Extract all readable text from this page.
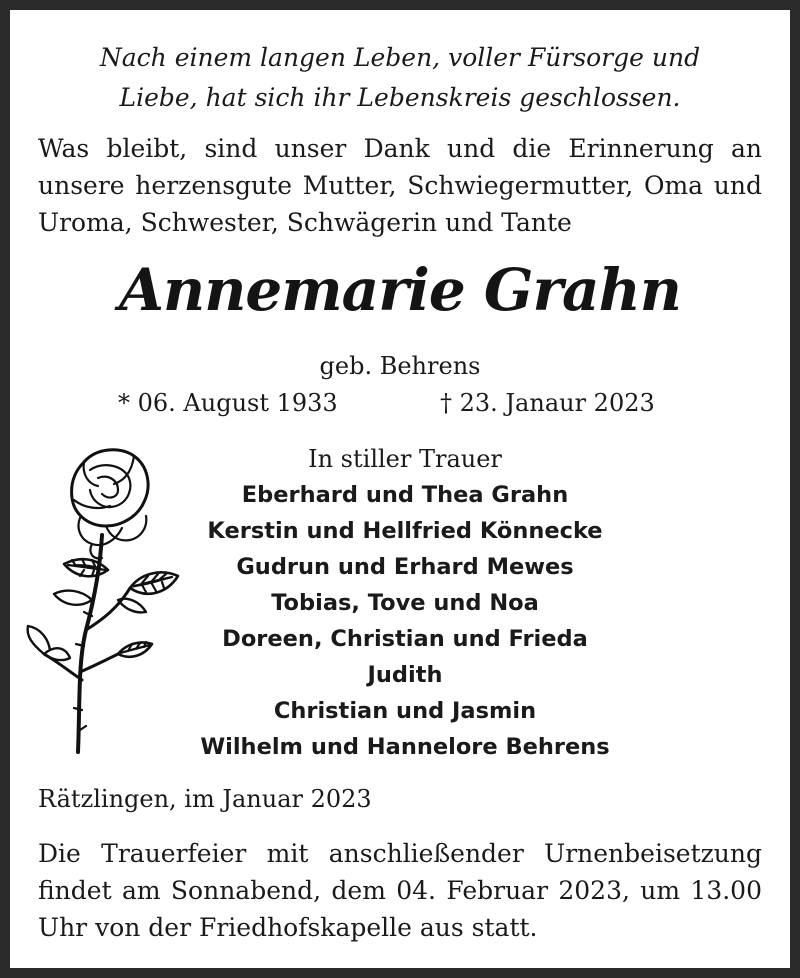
Nach einem langen Leben, voller Fürsorge und
Liebe, hat sich ihr Lebenskreis geschlossen.
Was bleibt, sind unser Dank und die Erinnerung an unsere herzensgute Mutter, Schwiegermutter, Oma und Uroma, Schwester, Schwägerin und Tante
Annemarie Grahn
geb. Behrens
* 06. August 1933	† 23. Janaur 2023
In stiller Trauer
Eberhard und Thea Grahn
Kerstin und Hellfried Könnecke
Gudrun und Erhard Mewes
Tobias, Tove und Noa
Doreen, Christian und Frieda
Judith
Christian und Jasmin
Wilhelm und Hannelore Behrens
Rätzlingen, im Januar 2023
Die Trauerfeier mit anschließender Urnenbeisetzung findet am Sonnabend, dem 04. Februar 2023, um 13.00 Uhr von der Friedhofskapelle aus statt.
